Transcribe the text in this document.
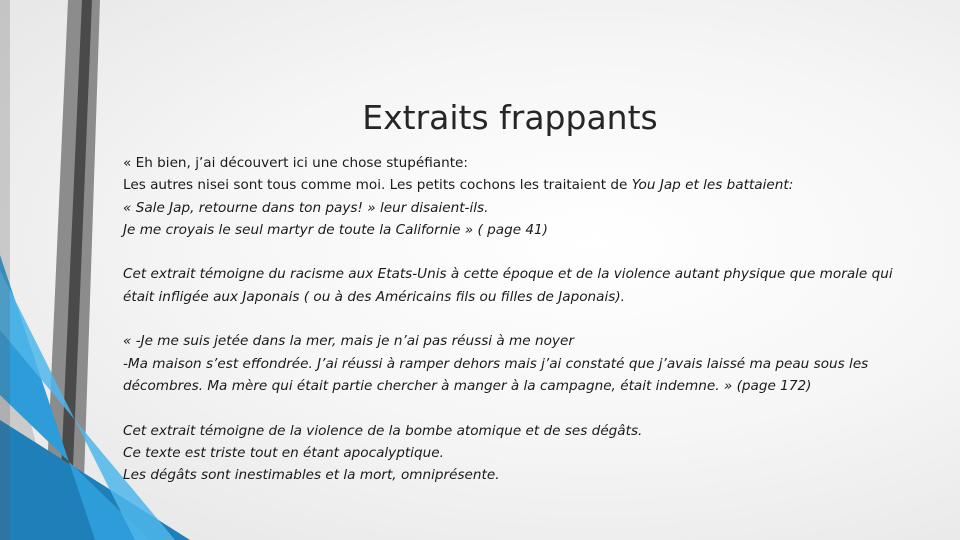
Extraits frappants

« Eh bien, j’ai découvert ici une chose stupéfiante:

Les autres nisei sont tous comme moi. Les petits cochons les traitaient de You Jap et les battaient:

« Sale Jap, retourne dans ton pays! » leur disaient-ils.

Je me croyais le seul martyr de toute la Californie » ( page 41)

Cet extrait témoigne du racisme aux Etats-Unis à cette époque et de la violence autant physique que morale qui

était infligée aux Japonais ( ou à des Américains fils ou filles de Japonais).

« -Je me suis jetée dans la mer, mais je n’ai pas réussi à me noyer

-Ma maison s’est effondrée. J’ai réussi à ramper dehors mais j’ai constaté que j’avais laissé ma peau sous les

décombres. Ma mère qui était partie chercher à manger à la campagne, était indemne. » (page 172)

Cet extrait témoigne de la violence de la bombe atomique et de ses dégâts.

Ce texte est triste tout en étant apocalyptique.

Les dégâts sont inestimables et la mort, omniprésente.
